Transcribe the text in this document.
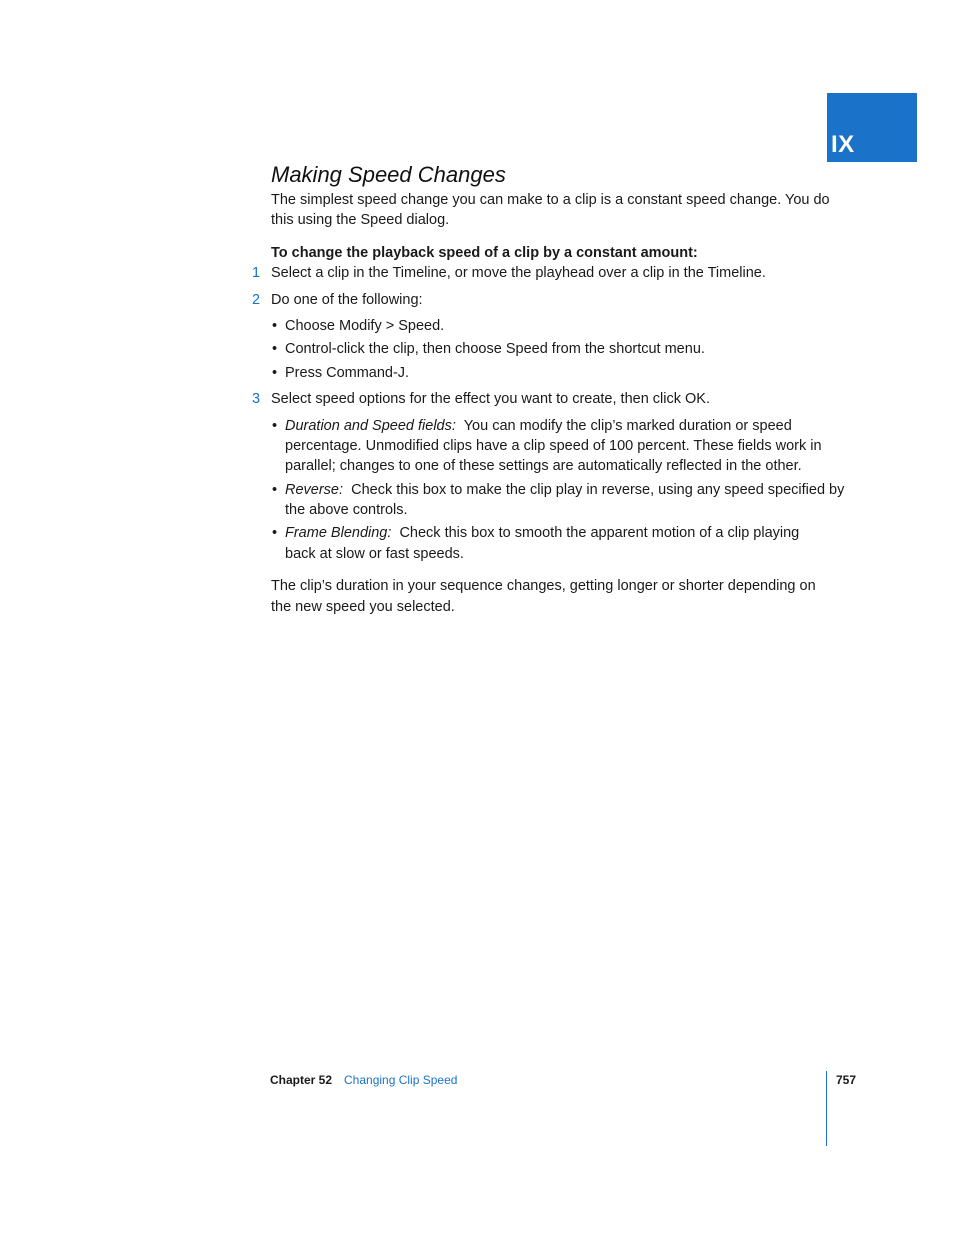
IX
Making Speed Changes
The simplest speed change you can make to a clip is a constant speed change. You do
this using the Speed dialog.
To change the playback speed of a clip by a constant amount:
1 Select a clip in the Timeline, or move the playhead over a clip in the Timeline.
2 Do one of the following:
• Choose Modify > Speed.
• Control-click the clip, then choose Speed from the shortcut menu.
• Press Command-J.
3 Select speed options for the effect you want to create, then click OK.
• Duration and Speed fields: You can modify the clip’s marked duration or speed
percentage. Unmodified clips have a clip speed of 100 percent. These fields work in
parallel; changes to one of these settings are automatically reflected in the other.
• Reverse: Check this box to make the clip play in reverse, using any speed specified by
the above controls.
• Frame Blending: Check this box to smooth the apparent motion of a clip playing
back at slow or fast speeds.
The clip’s duration in your sequence changes, getting longer or shorter depending on
the new speed you selected.
Chapter 52 Changing Clip Speed	757
